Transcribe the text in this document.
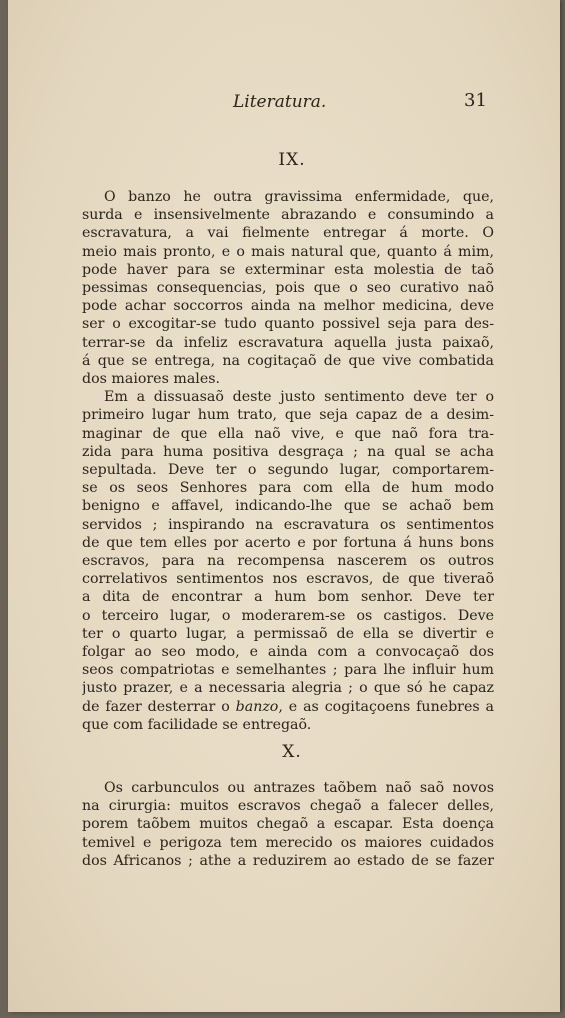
Literatura.	31
IX.
O banzo he outra gravissima enfermidade, que,
surda e insensivelmente abrazando e consumindo a
escravatura, a vai fielmente entregar á morte. O
meio mais pronto, e o mais natural que, quanto á mim,
pode haver para se exterminar esta molestia de taõ
pessimas consequencias, pois que o seo curativo naõ
pode achar soccorros ainda na melhor medicina, deve
ser o excogitar-se tudo quanto possivel seja para des-
terrar-se da infeliz escravatura aquella justa paixaõ,
á que se entrega, na cogitaçaõ de que vive combatida
dos maiores males.
Em a dissuasaõ deste justo sentimento deve ter o
primeiro lugar hum trato, que seja capaz de a desim-
maginar de que ella naõ vive, e que naõ fora tra-
zida para huma positiva desgraça ; na qual se acha
sepultada. Deve ter o segundo lugar, comportarem-
se os seos Senhores para com ella de hum modo
benigno e affavel, indicando-lhe que se achaõ bem
servidos ; inspirando na escravatura os sentimentos
de que tem elles por acerto e por fortuna á huns bons
escravos, para na recompensa nascerem os outros
correlativos sentimentos nos escravos, de que tiveraõ
a dita de encontrar a hum bom senhor. Deve ter
o terceiro lugar, o moderarem-se os castigos. Deve
ter o quarto lugar, a permissaõ de ella se divertir e
folgar ao seo modo, e ainda com a convocaçaõ dos
seos compatriotas e semelhantes ; para lhe influir hum
justo prazer, e a necessaria alegria ; o que só he capaz
de fazer desterrar o banzo, e as cogitaçoens funebres a
que com facilidade se entregaõ.
X.
Os carbunculos ou antrazes taõbem naõ saõ novos
na cirurgia: muitos escravos chegaõ a falecer delles,
porem taõbem muitos chegaõ a escapar. Esta doença
temivel e perigoza tem merecido os maiores cuidados
dos Africanos ; athe a reduzirem ao estado de se fazer
